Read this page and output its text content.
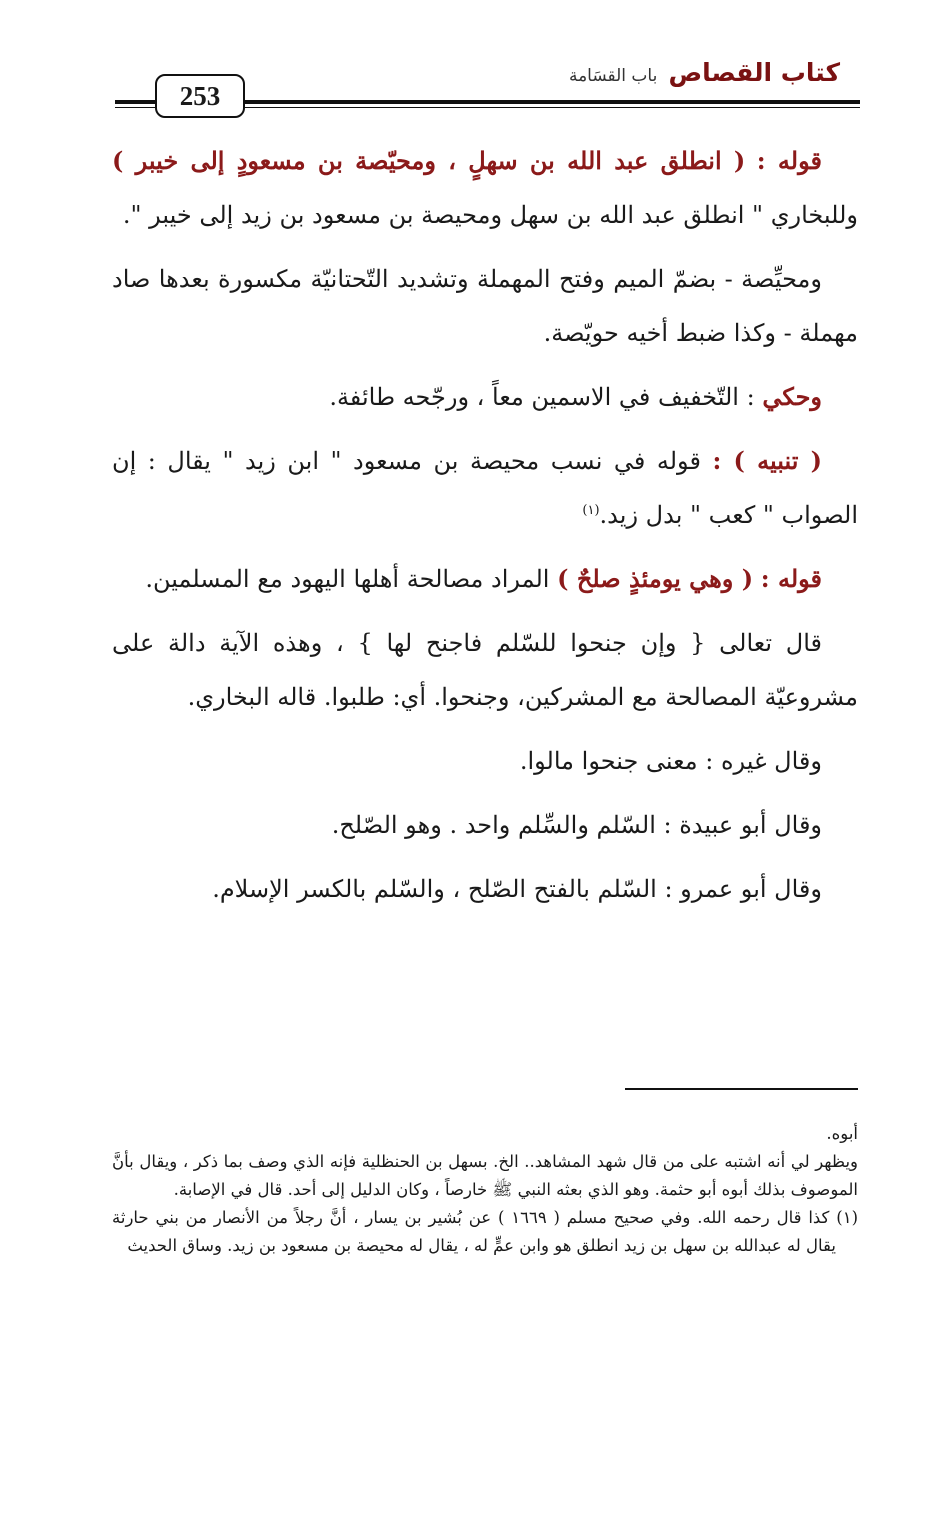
كتاب القصاص باب القسَامة
253

قوله : ( انطلق عبد الله بن سهلٍ ، ومحيّصة بن مسعودٍ إلى خيبر ) وللبخاري " انطلق عبد الله بن سهل ومحيصة بن مسعود بن زيد إلى خيبر ".

ومحيِّصة - بضمّ الميم وفتح المهملة وتشديد التّحتانيّة مكسورة بعدها صاد مهملة - وكذا ضبط أخيه حويّصة.

وحكي : التّخفيف في الاسمين معاً ، ورجّحه طائفة.

( تنبيه ) : قوله في نسب محيصة بن مسعود " ابن زيد " يقال : إن الصواب " كعب " بدل زيد.$^{(١)}$

قوله : ( وهي يومئذٍ صلحٌ ) المراد مصالحة أهلها اليهود مع المسلمين.

قال تعالى { وإن جنحوا للسّلم فاجنح لها } ، وهذه الآية دالة على مشروعيّة المصالحة مع المشركين، وجنحوا. أي: طلبوا. قاله البخاري.

وقال غيره : معنى جنحوا مالوا.

وقال أبو عبيدة : السّلم والسِّلم واحد . وهو الصّلح.

وقال أبو عمرو : السّلم بالفتح الصّلح ، والسّلم بالكسر الإسلام.

أبوه.

ويظهر لي أنه اشتبه على من قال شهد المشاهد.. الخ. بسهل بن الحنظلية فإنه الذي وصف بما ذكر ، ويقال بأنَّ الموصوف بذلك أبوه أبو حثمة. وهو الذي بعثه النبي ﷺ خارصاً ، وكان الدليل إلى أحد. قال في الإصابة.

(١) كذا قال رحمه الله. وفي صحيح مسلم ( ١٦٦٩ ) عن بُشير بن يسار ، أنَّ رجلاً من الأنصار من بني حارثة يقال له عبدالله بن سهل بن زيد انطلق هو وابن عمٍّ له ، يقال له محيصة بن مسعود بن زيد. وساق الحديث
